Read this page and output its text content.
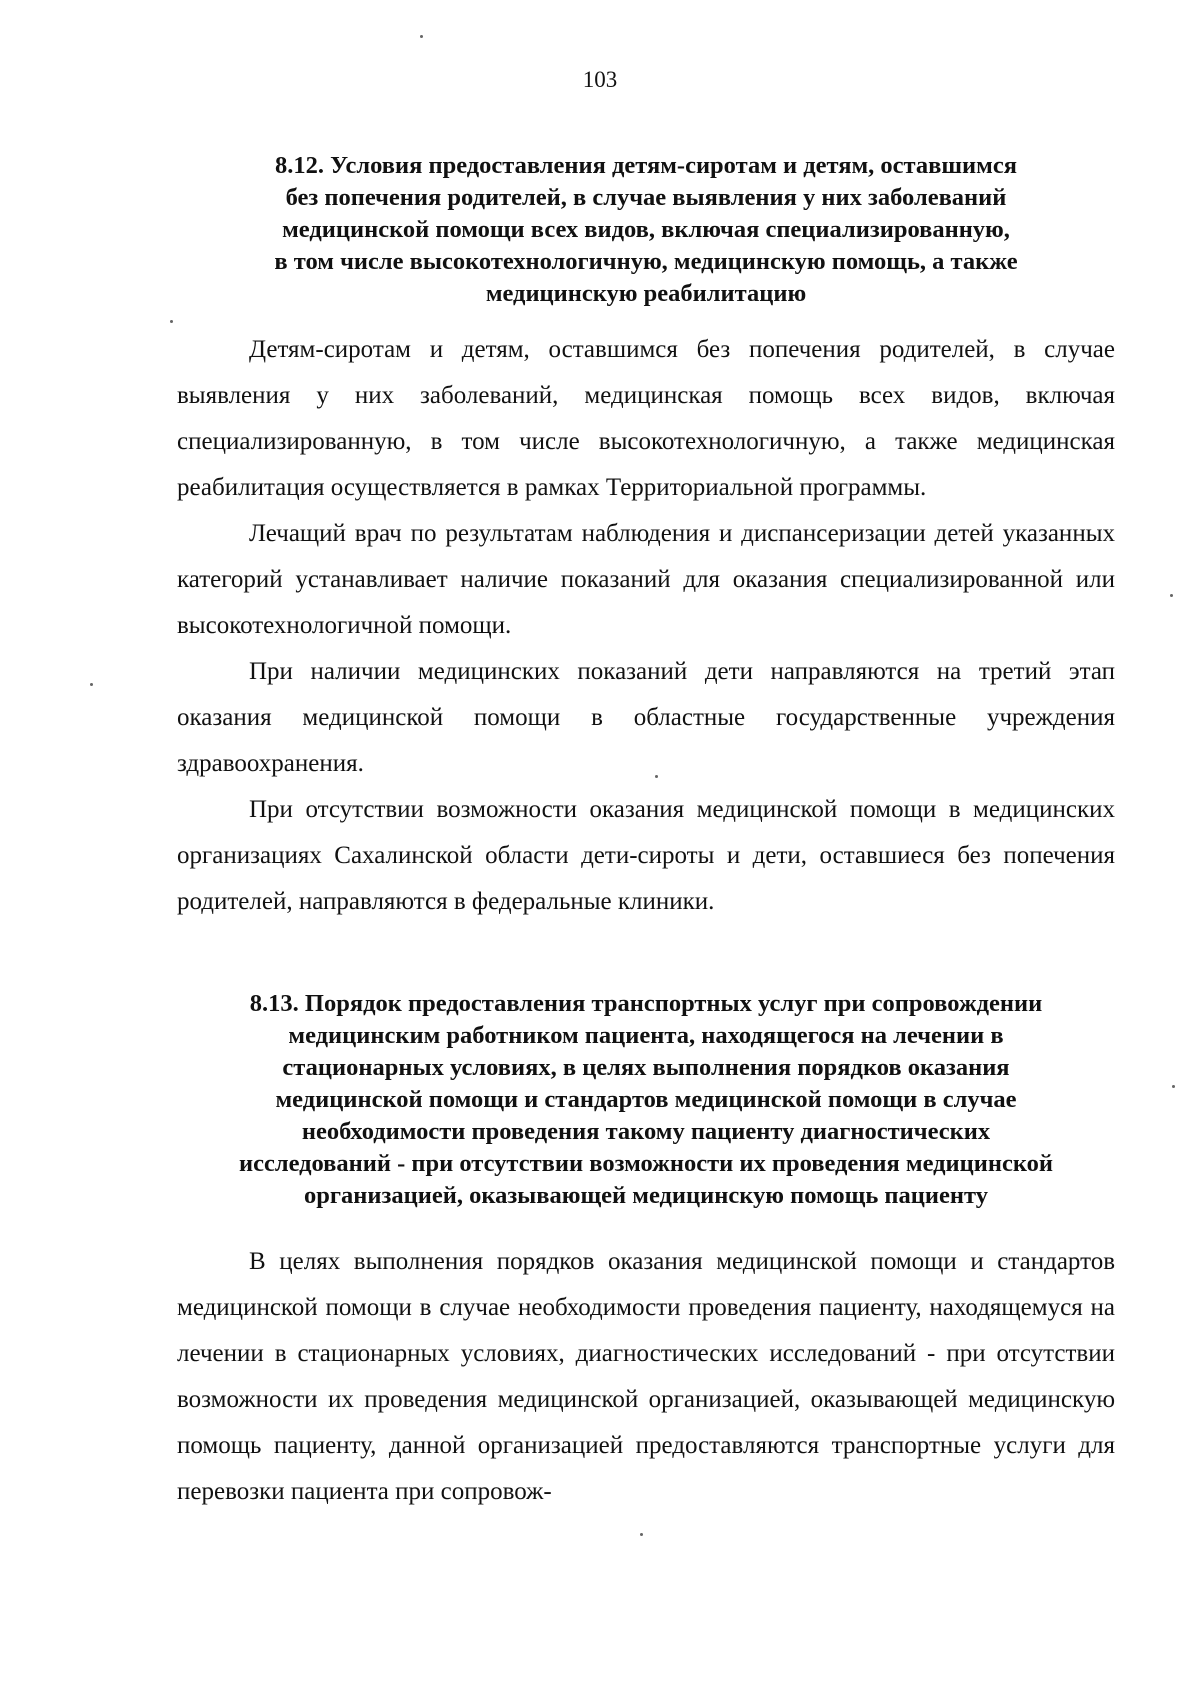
103
8.12. Условия предоставления детям-сиротам и детям, оставшимся
без попечения родителей, в случае выявления у них заболеваний
медицинской помощи всех видов, включая специализированную,
в том числе высокотехнологичную, медицинскую помощь, а также
медицинскую реабилитацию

Детям-сиротам и детям, оставшимся без попечения родителей, в случае выявления у них заболеваний, медицинская помощь всех видов, включая специализированную, в том числе высокотехнологичную, а также медицинская реабилитация осуществляется в рамках Территориальной программы.

Лечащий врач по результатам наблюдения и диспансеризации детей указанных категорий устанавливает наличие показаний для оказания специализированной или высокотехнологичной помощи.

При наличии медицинских показаний дети направляются на третий этап оказания медицинской помощи в областные государственные учреждения здравоохранения.

При отсутствии возможности оказания медицинской помощи в медицинских организациях Сахалинской области дети-сироты и дети, оставшиеся без попечения родителей, направляются в федеральные клиники.

8.13. Порядок предоставления транспортных услуг при сопровождении
медицинским работником пациента, находящегося на лечении в
стационарных условиях, в целях выполнения порядков оказания
медицинской помощи и стандартов медицинской помощи в случае
необходимости проведения такому пациенту диагностических
исследований - при отсутствии возможности их проведения медицинской
организацией, оказывающей медицинскую помощь пациенту

В целях выполнения порядков оказания медицинской помощи и стандартов медицинской помощи в случае необходимости проведения пациенту, находящемуся на лечении в стационарных условиях, диагностических исследований - при отсутствии возможности их проведения медицинской организацией, оказывающей медицинскую помощь пациенту, данной организацией предоставляются транспортные услуги для перевозки пациента при сопровож-
